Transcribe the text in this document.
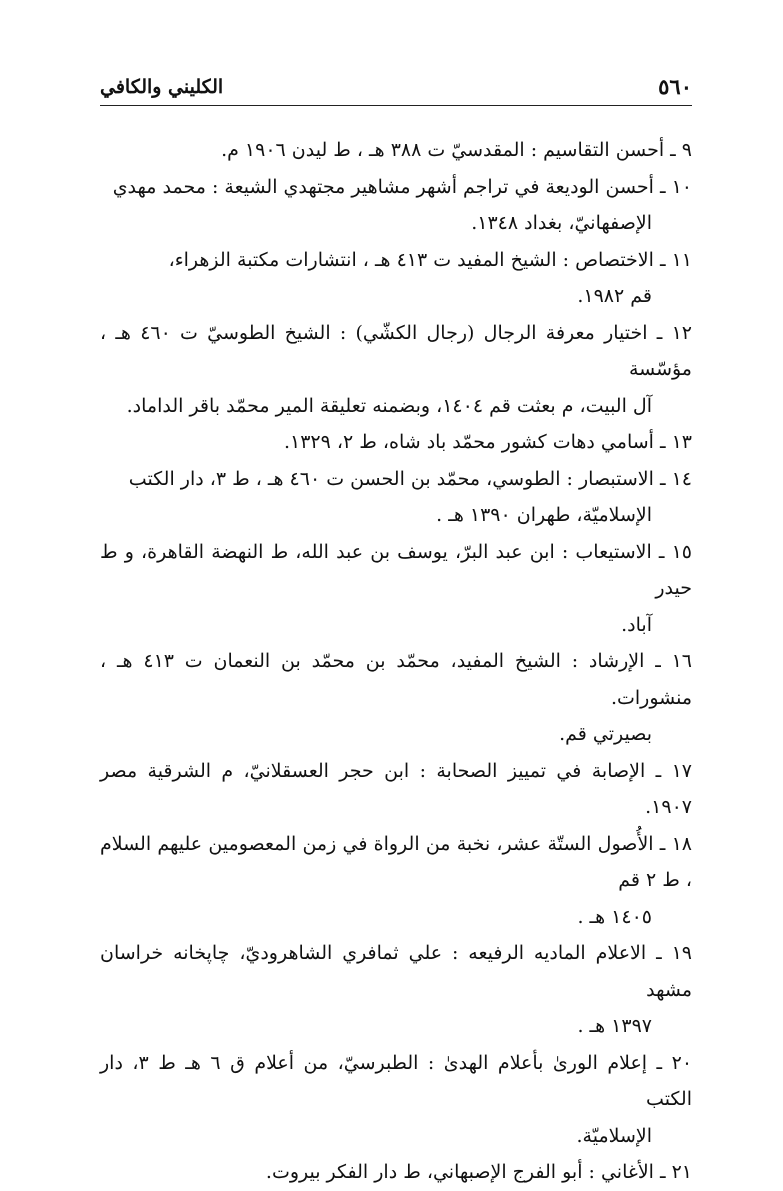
الكليني والكافي	٥٦٠

٩ ـ أحسن التقاسيم : المقدسيّ ت ٣٨٨ هـ ، ط ليدن ١٩٠٦ م.

١٠ ـ أحسن الوديعة في تراجم أشهر مشاهير مجتهدي الشيعة : محمد مهدي
الإصفهانيّ، بغداد ١٣٤٨.

١١ ـ الاختصاص : الشيخ المفيد ت ٤١٣ هـ ، انتشارات مكتبة الزهراء،
قم ١٩٨٢.

١٢ ـ اختيار معرفة الرجال (رجال الكشّي) : الشيخ الطوسيّ ت ٤٦٠ هـ ، مؤسّسة
آل البيت، م بعثت قم ١٤٠٤، وبضمنه تعليقة المير محمّد باقر الداماد.

١٣ ـ أسامي دهات كشور محمّد باد شاه، ط ٢، ١٣٢٩.

١٤ ـ الاستبصار : الطوسي، محمّد بن الحسن ت ٤٦٠ هـ ، ط ٣، دار الكتب
الإسلاميّة، طهران ١٣٩٠ هـ .

١٥ ـ الاستيعاب : ابن عبد البرّ، يوسف بن عبد الله، ط النهضة القاهرة، و ط حيدر
آباد.

١٦ ـ الإرشاد : الشيخ المفيد، محمّد بن محمّد بن النعمان ت ٤١٣ هـ ، منشورات.
بصيرتي قم.

١٧ ـ الإصابة في تمييز الصحابة : ابن حجر العسقلانيّ، م الشرقية مصر ١٩٠٧.

١٨ ـ الأُصول الستّة عشر، نخبة من الرواة في زمن المعصومين عليهم السلام ، ط ٢ قم
١٤٠٥ هـ .

١٩ ـ الاعلام الماديه الرفيعه : علي ثمافري الشاهروديّ، چاپخانه خراسان مشهد
١٣٩٧ هـ .

٢٠ ـ إعلام الورىٰ بأعلام الهدىٰ : الطبرسيّ، من أعلام ق ٦ هـ ط ٣، دار الكتب
الإسلاميّة.

٢١ ـ الأغاني : أبو الفرج الإصبهاني، ط دار الفكر بيروت.
